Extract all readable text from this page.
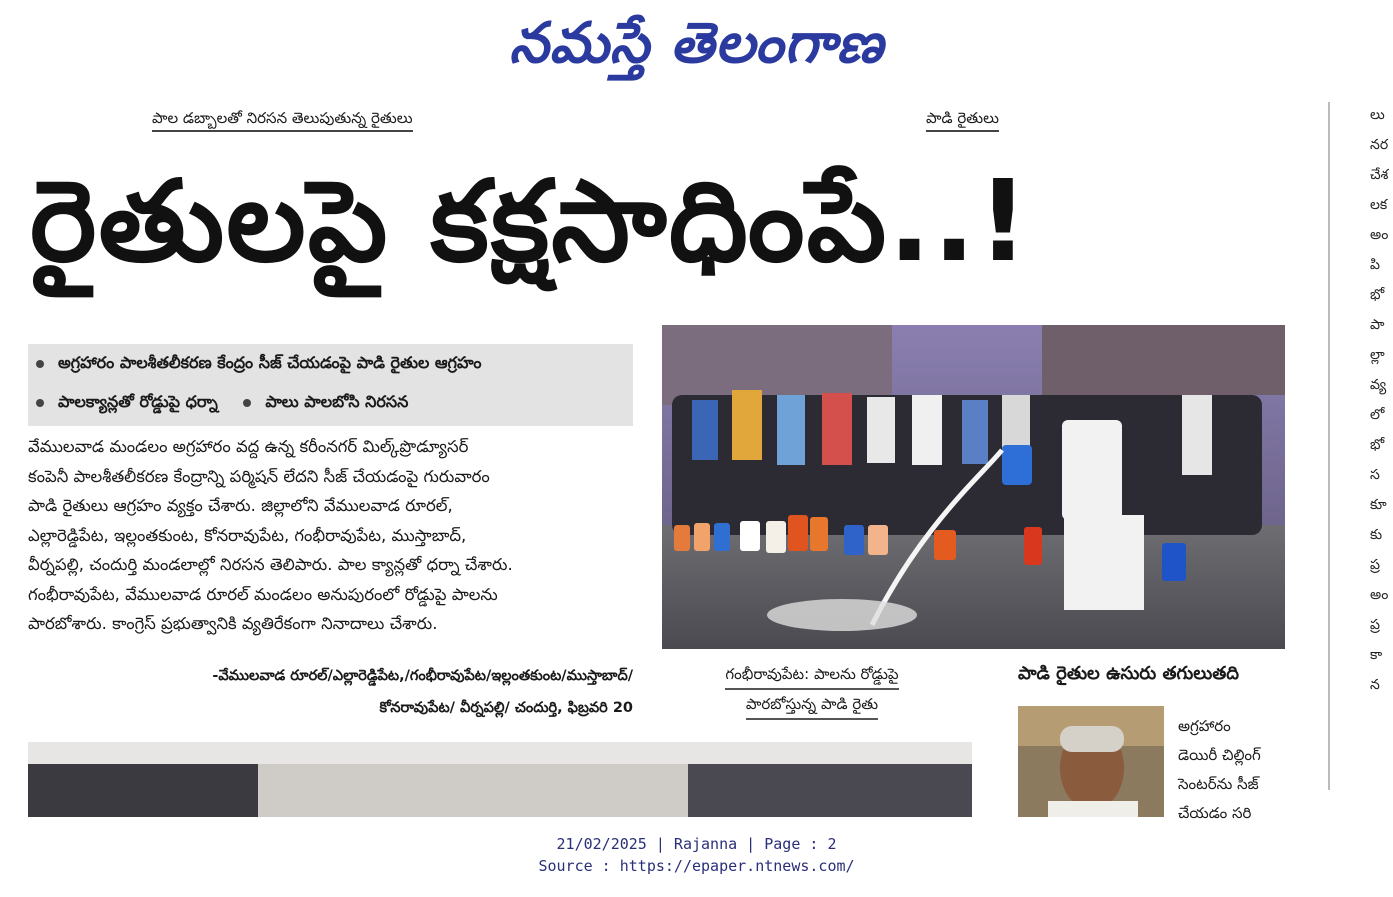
నమస్తే తెలంగాణ
పాల డబ్బాలతో నిరసన తెలుపుతున్న రైతులు	పాడి రైతులు
రైతులపై కక్షసాధింపే..!
అగ్రహారం పాలశీతలీకరణ కేంద్రం సీజ్ చేయడంపై పాడి రైతుల ఆగ్రహం
పాలక్యాన్లతో రోడ్డుపై ధర్నా	పాలు పాలబోసి నిరసన
వేములవాడ మండలం అగ్రహారం వద్ద ఉన్న కరీంనగర్ మిల్క్‌ప్రొడ్యూసర్
కంపెనీ పాలశీతలీకరణ కేంద్రాన్ని పర్మిషన్ లేదని సీజ్ చేయడంపై గురువారం
పాడి రైతులు ఆగ్రహం వ్యక్తం చేశారు. జిల్లాలోని వేములవాడ రూరల్,
ఎల్లారెడ్డిపేట, ఇల్లంతకుంట, కోనరావుపేట, గంభీరావుపేట, ముస్తాబాద్,
వీర్నపల్లి, చందుర్తి మండలాల్లో నిరసన తెలిపారు. పాల క్యాన్లతో ధర్నా చేశారు.
గంభీరావుపేట, వేములవాడ రూరల్ మండలం అనుపురంలో రోడ్డుపై పాలను
పారబోశారు. కాంగ్రెస్ ప్రభుత్వానికి వ్యతిరేకంగా నినాదాలు చేశారు.
-వేములవాడ రూరల్/ఎల్లారెడ్డిపేట,/గంభీరావుపేట/ఇల్లంతకుంట/ముస్తాబాద్/
కోనరావుపేట/ వీర్నపల్లి/ చందుర్తి, ఫిబ్రవరి 20
గంభీరావుపేట: పాలను రోడ్డుపై
పారబోస్తున్న పాడి రైతు
పాడి రైతుల ఉసురు తగులుతది
అగ్రహారం
డెయిరీ చిల్లింగ్
సెంటర్‌ను సీజ్
చేయడం సరి
లు
నర
చేశ
లక
అం
పి
భో
పా
ల్లా
వ్య
లో
భో
స
కూ
కు
ప్ర
అం
ప్ర
కా
న
21/02/2025 | Rajanna | Page : 2
Source : https://epaper.ntnews.com/
